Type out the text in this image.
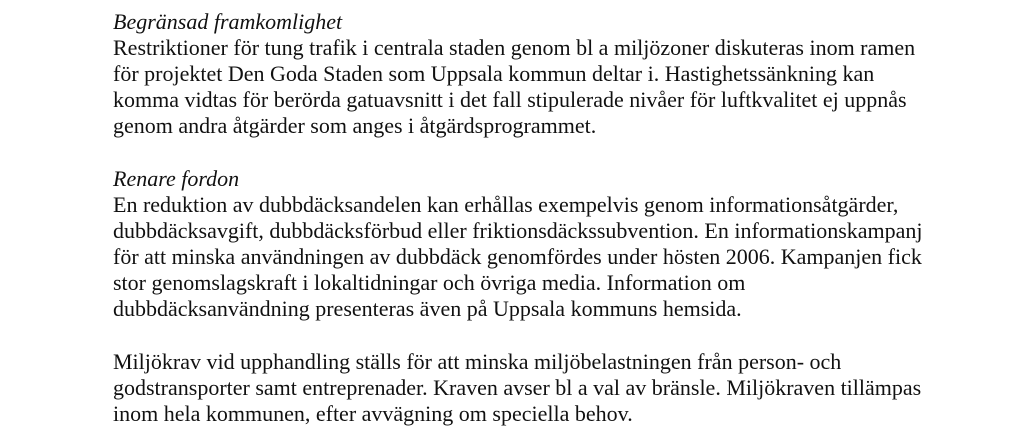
Begränsad framkomlighet

Restriktioner för tung trafik i centrala staden genom bl a miljözoner diskuteras inom ramen

för projektet Den Goda Staden som Uppsala kommun deltar i. Hastighetssänkning kan

komma vidtas för berörda gatuavsnitt i det fall stipulerade nivåer för luftkvalitet ej uppnås

genom andra åtgärder som anges i åtgärdsprogrammet.

Renare fordon

En reduktion av dubbdäcksandelen kan erhållas exempelvis genom informationsåtgärder,

dubbdäcksavgift, dubbdäcksförbud eller friktionsdäckssubvention. En informationskampanj

för att minska användningen av dubbdäck genomfördes under hösten 2006. Kampanjen fick

stor genomslagskraft i lokaltidningar och övriga media. Information om

dubbdäcksanvändning presenteras även på Uppsala kommuns hemsida.

Miljökrav vid upphandling ställs för att minska miljöbelastningen från person- och

godstransporter samt entreprenader. Kraven avser bl a val av bränsle. Miljökraven tillämpas

inom hela kommunen, efter avvägning om speciella behov.
